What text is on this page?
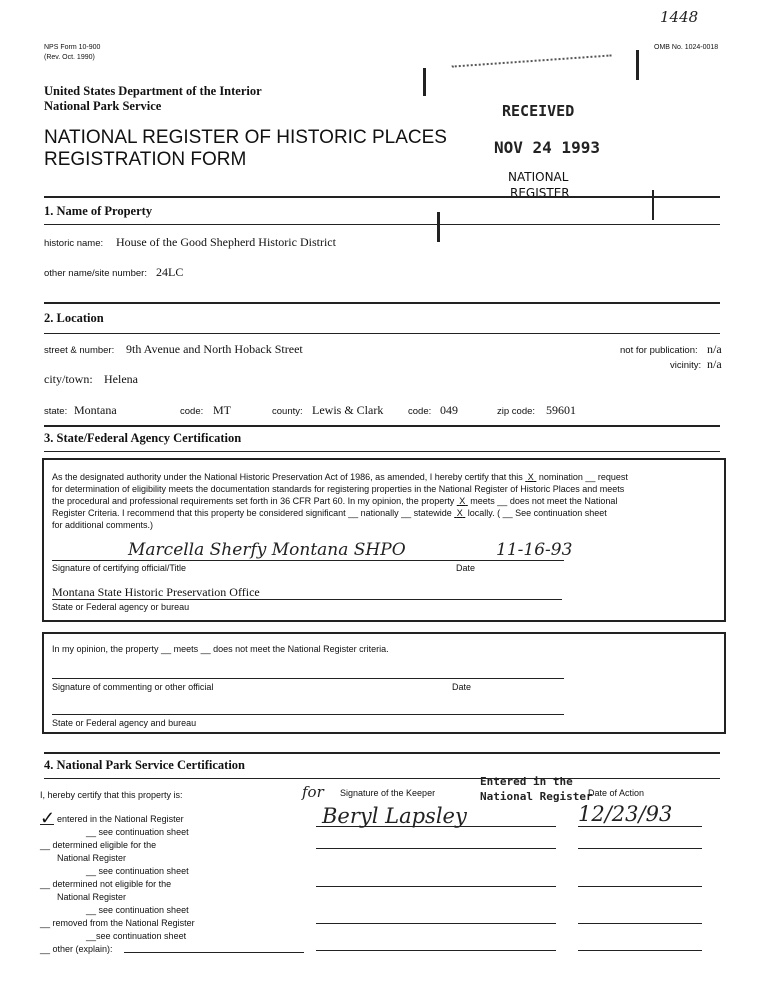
1448
NPS Form 10-900
(Rev. Oct. 1990)
OMB No. 1024-0018
United States Department of the Interior
National Park Service
NATIONAL REGISTER OF HISTORIC PLACES
REGISTRATION FORM
RECEIVED
NOV 24 1993
NATIONAL
REGISTER
1. Name of Property
historic name: House of the Good Shepherd Historic District
other name/site number: 24LC
2. Location
street & number: 9th Avenue and North Hoback Street	not for publication: n/a
vicinity: n/a
city/town: Helena
state: Montana	code: MT	county: Lewis & Clark	code: 049	zip code: 59601
3. State/Federal Agency Certification
As the designated authority under the National Historic Preservation Act of 1986, as amended, I hereby certify that this X nomination __ request
for determination of eligibility meets the documentation standards for registering properties in the National Register of Historic Places and meets
the procedural and professional requirements set forth in 36 CFR Part 60. In my opinion, the property X meets __ does not meet the National
Register Criteria. I recommend that this property be considered significant __ nationally __ statewide X locally. ( __ See continuation sheet
for additional comments.)
Marcella Sherfy Montana SHPO	11-16-93
Signature of certifying official/Title	Date
Montana State Historic Preservation Office
State or Federal agency or bureau
In my opinion, the property __ meets __ does not meet the National Register criteria.
Signature of commenting or other official	Date
State or Federal agency and bureau
4. National Park Service Certification
I, hereby certify that this property is:	for Signature of the Keeper
Entered in the
National Register
Date of Action
Beryl Lapsley	12/23/93
✓ entered in the National Register
__ see continuation sheet
__ determined eligible for the
National Register
__ see continuation sheet
__ determined not eligible for the
National Register
__ see continuation sheet
__ removed from the National Register
__see continuation sheet
__ other (explain):
